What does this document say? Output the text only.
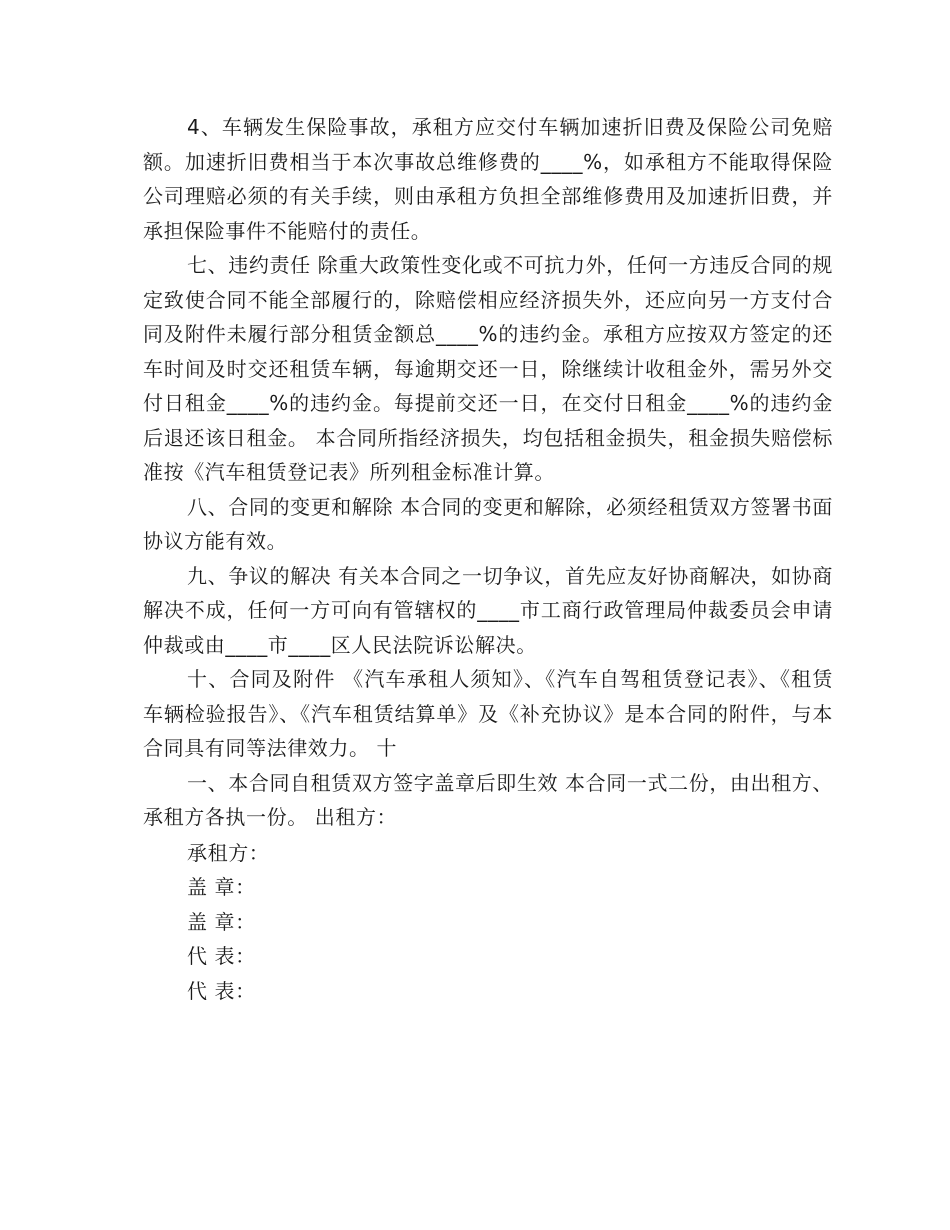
4、车辆发生保险事故，承租方应交付车辆加速折旧费及保险公司免赔额。加速折旧费相当于本次事故总维修费的____%，如承租方不能取得保险公司理赔必须的有关手续，则由承租方负担全部维修费用及加速折旧费，并承担保险事件不能赔付的责任。

七、违约责任 除重大政策性变化或不可抗力外，任何一方违反合同的规定致使合同不能全部履行的，除赔偿相应经济损失外，还应向另一方支付合同及附件未履行部分租赁金额总____%的违约金。承租方应按双方签定的还车时间及时交还租赁车辆，每逾期交还一日，除继续计收租金外，需另外交付日租金____%的违约金。每提前交还一日，在交付日租金____%的违约金后退还该日租金。 本合同所指经济损失，均包括租金损失，租金损失赔偿标准按《汽车租赁登记表》所列租金标准计算。

八、合同的变更和解除 本合同的变更和解除，必须经租赁双方签署书面协议方能有效。

九、争议的解决 有关本合同之一切争议，首先应友好协商解决，如协商解决不成，任何一方可向有管辖权的____市工商行政管理局仲裁委员会申请仲裁或由____市____区人民法院诉讼解决。

十、合同及附件 《汽车承租人须知》、《汽车自驾租赁登记表》、《租赁车辆检验报告》、《汽车租赁结算单》及《补充协议》是本合同的附件，与本合同具有同等法律效力。 十

一、本合同自租赁双方签字盖章后即生效 本合同一式二份，由出租方、承租方各执一份。 出租方：

承租方：

盖 章：

盖 章：

代 表：

代 表：
